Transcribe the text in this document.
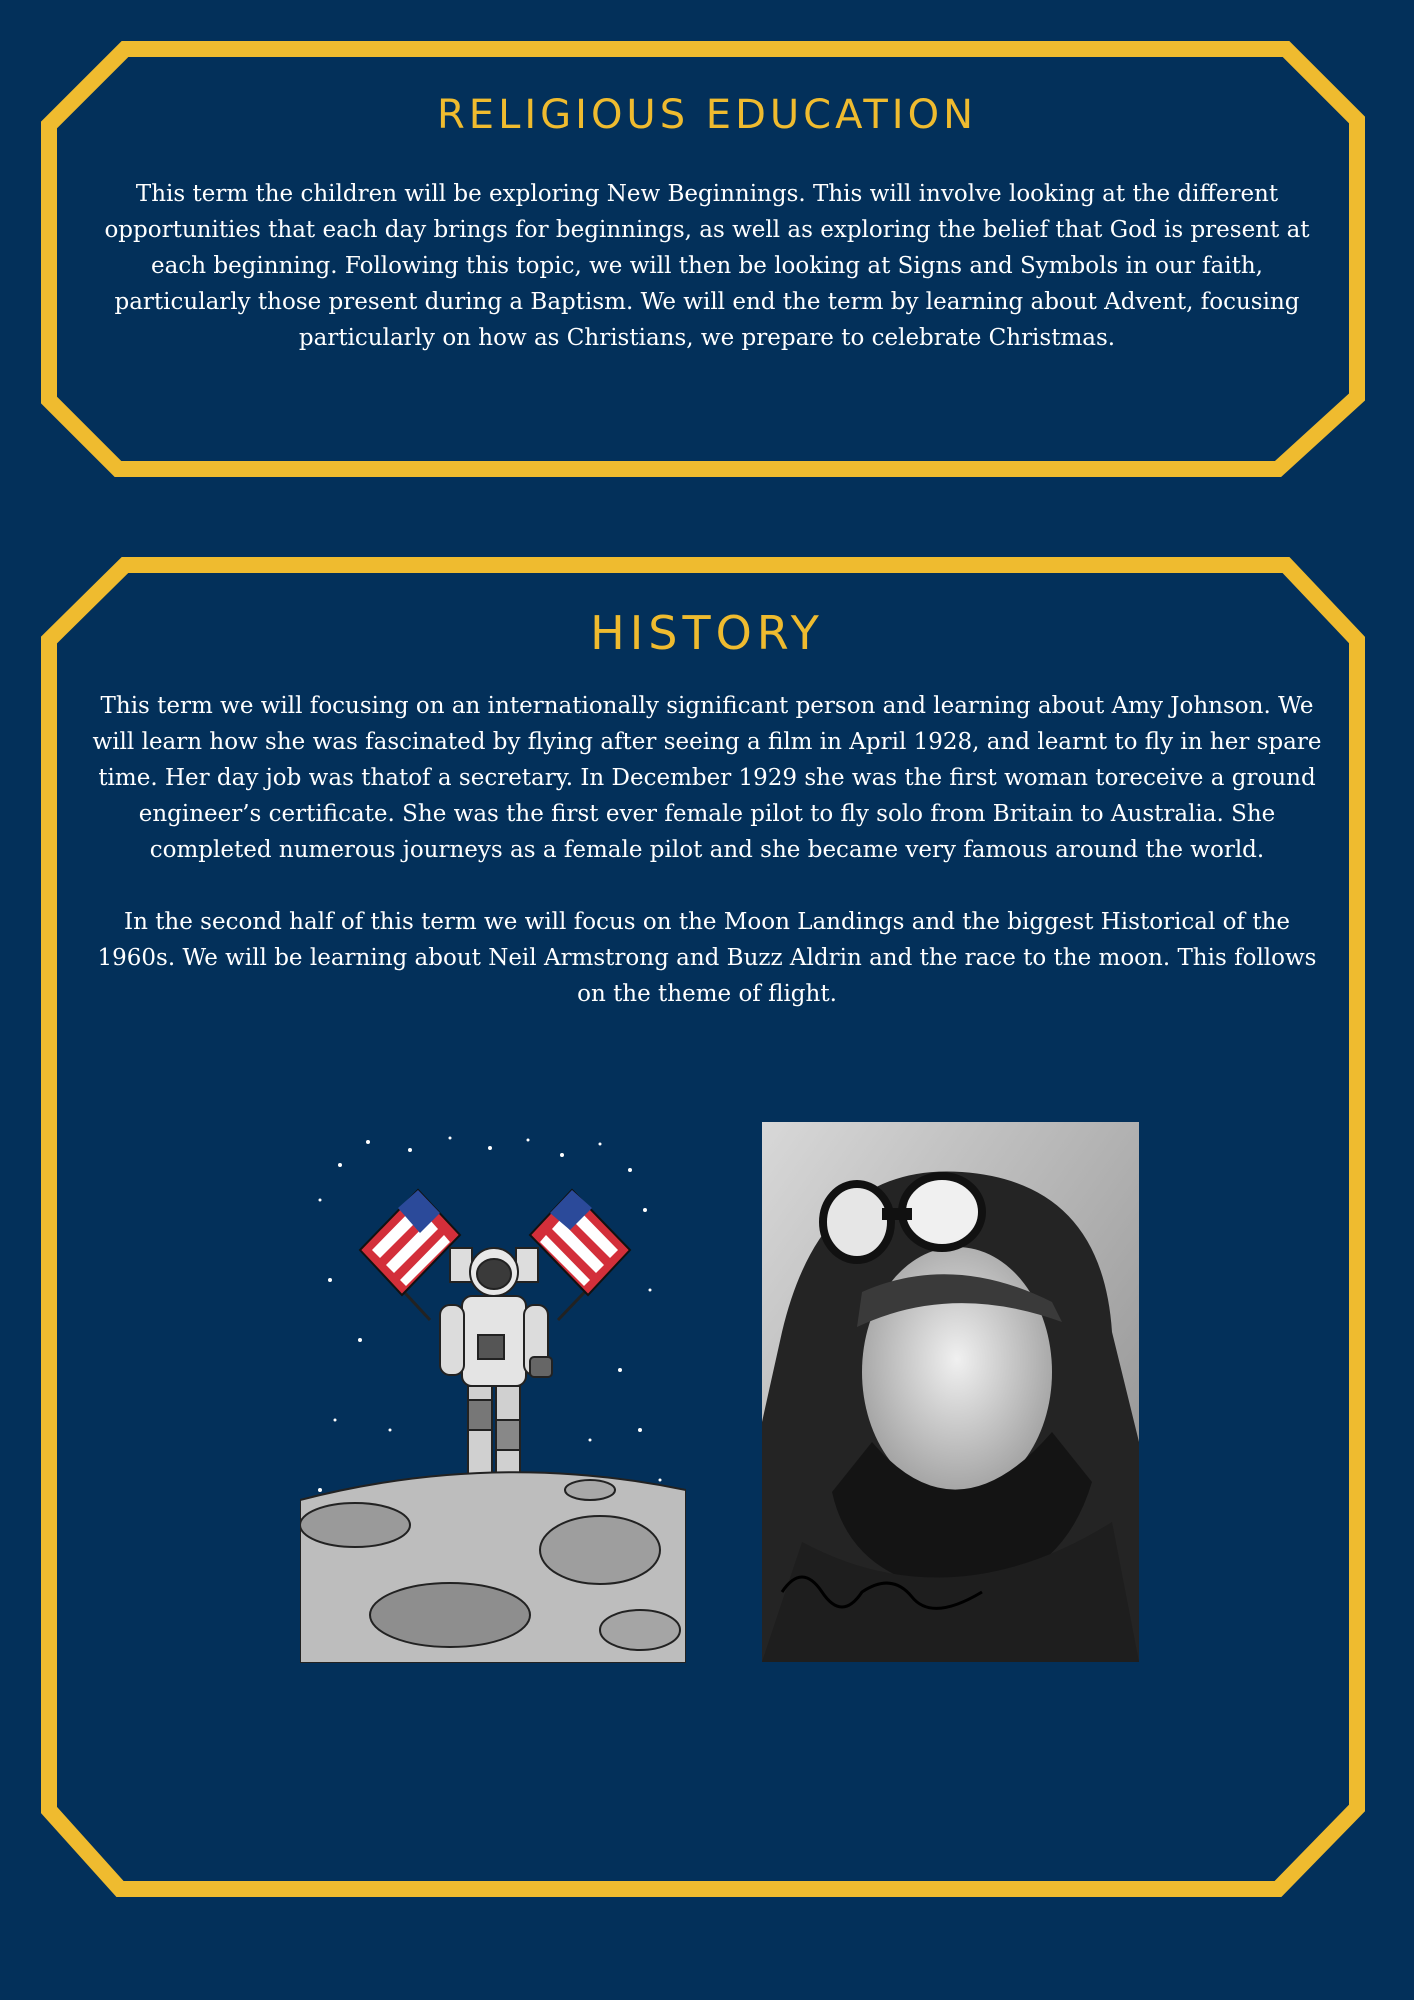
RELIGIOUS EDUCATION

This term the children will be exploring New Beginnings. This will involve looking at the different opportunities that each day brings for beginnings, as well as exploring the belief that God is present at each beginning. Following this topic, we will then be looking at Signs and Symbols in our faith, particularly those present during a Baptism. We will end the term by learning about Advent, focusing particularly on how as Christians, we prepare to celebrate Christmas.

HISTORY

This term we will focusing on an internationally significant person and learning about Amy Johnson. We will learn how she was fascinated by flying after seeing a film in April 1928, and learnt to fly in her spare time. Her day job was thatof a secretary. In December 1929 she was the first woman toreceive a ground engineer’s certificate. She was the first ever female pilot to fly solo from Britain to Australia. She completed numerous journeys as a female pilot and she became very famous around the world.

In the second half of this term we will focus on the Moon Landings and the biggest Historical of the 1960s. We will be learning about Neil Armstrong and Buzz Aldrin and the race to the moon. This follows on the theme of flight.
